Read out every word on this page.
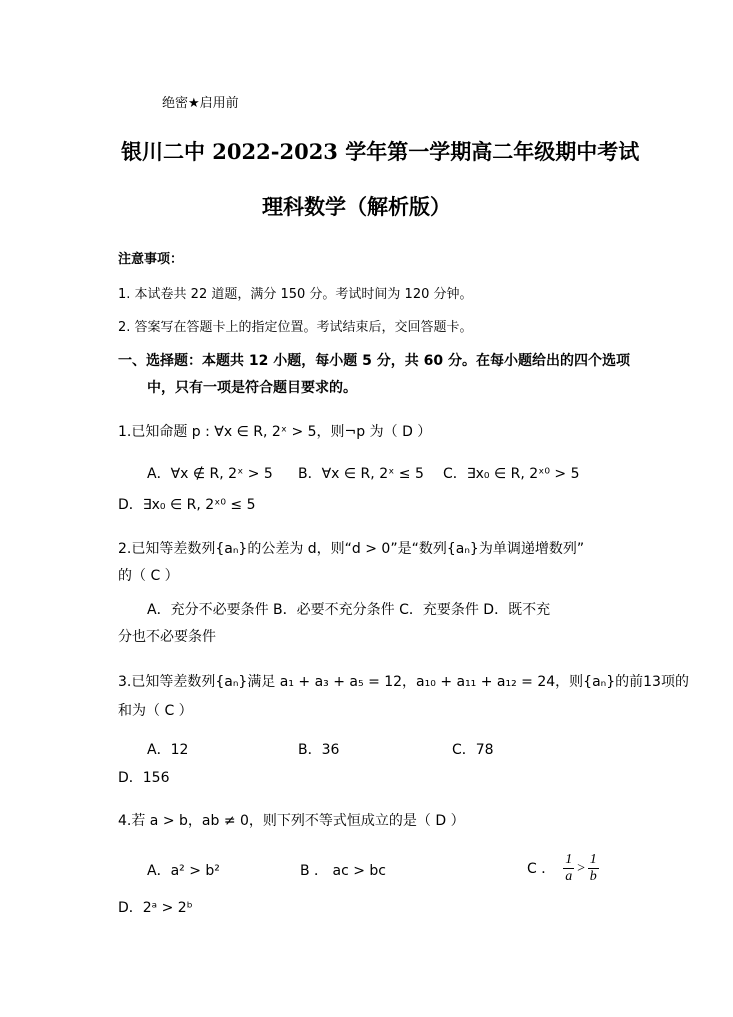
绝密★启用前
银川二中 2022-2023 学年第一学期高二年级期中考试
理科数学（解析版）
注意事项：
1. 本试卷共 22 道题，满分 150 分。考试时间为 120 分钟。
2. 答案写在答题卡上的指定位置。考试结束后，交回答题卡。
一、选择题：本题共 12 小题，每小题 5 分，共 60 分。在每小题给出的四个选项
中，只有一项是符合题目要求的。
1.已知命题 p : ∀x ∈ R, 2ˣ > 5，则¬p 为（ D ）
A．∀x ∉ R, 2ˣ > 5 B．∀x ∈ R, 2ˣ ≤ 5 C．∃x₀ ∈ R, 2ˣ⁰ > 5
D．∃x₀ ∈ R, 2ˣ⁰ ≤ 5
2.已知等差数列{aₙ}的公差为 d，则“d > 0”是“数列{aₙ}为单调递增数列”
的（ C ）
A．充分不必要条件 B．必要不充分条件 C．充要条件 D．既不充
分也不必要条件
3.已知等差数列{aₙ}满足 a₁ + a₃ + a₅ = 12，a₁₀ + a₁₁ + a₁₂ = 24，则{aₙ}的前13项的
和为（ C ）
A．12	B．36	C．78
D．156
4.若 a > b，ab ≠ 0，则下列不等式恒成立的是（ D ）
A．a² > b²	B ． ac > bc	C ． $\frac{1}{a} > \frac{1}{b}$
D．2ᵃ > 2ᵇ
